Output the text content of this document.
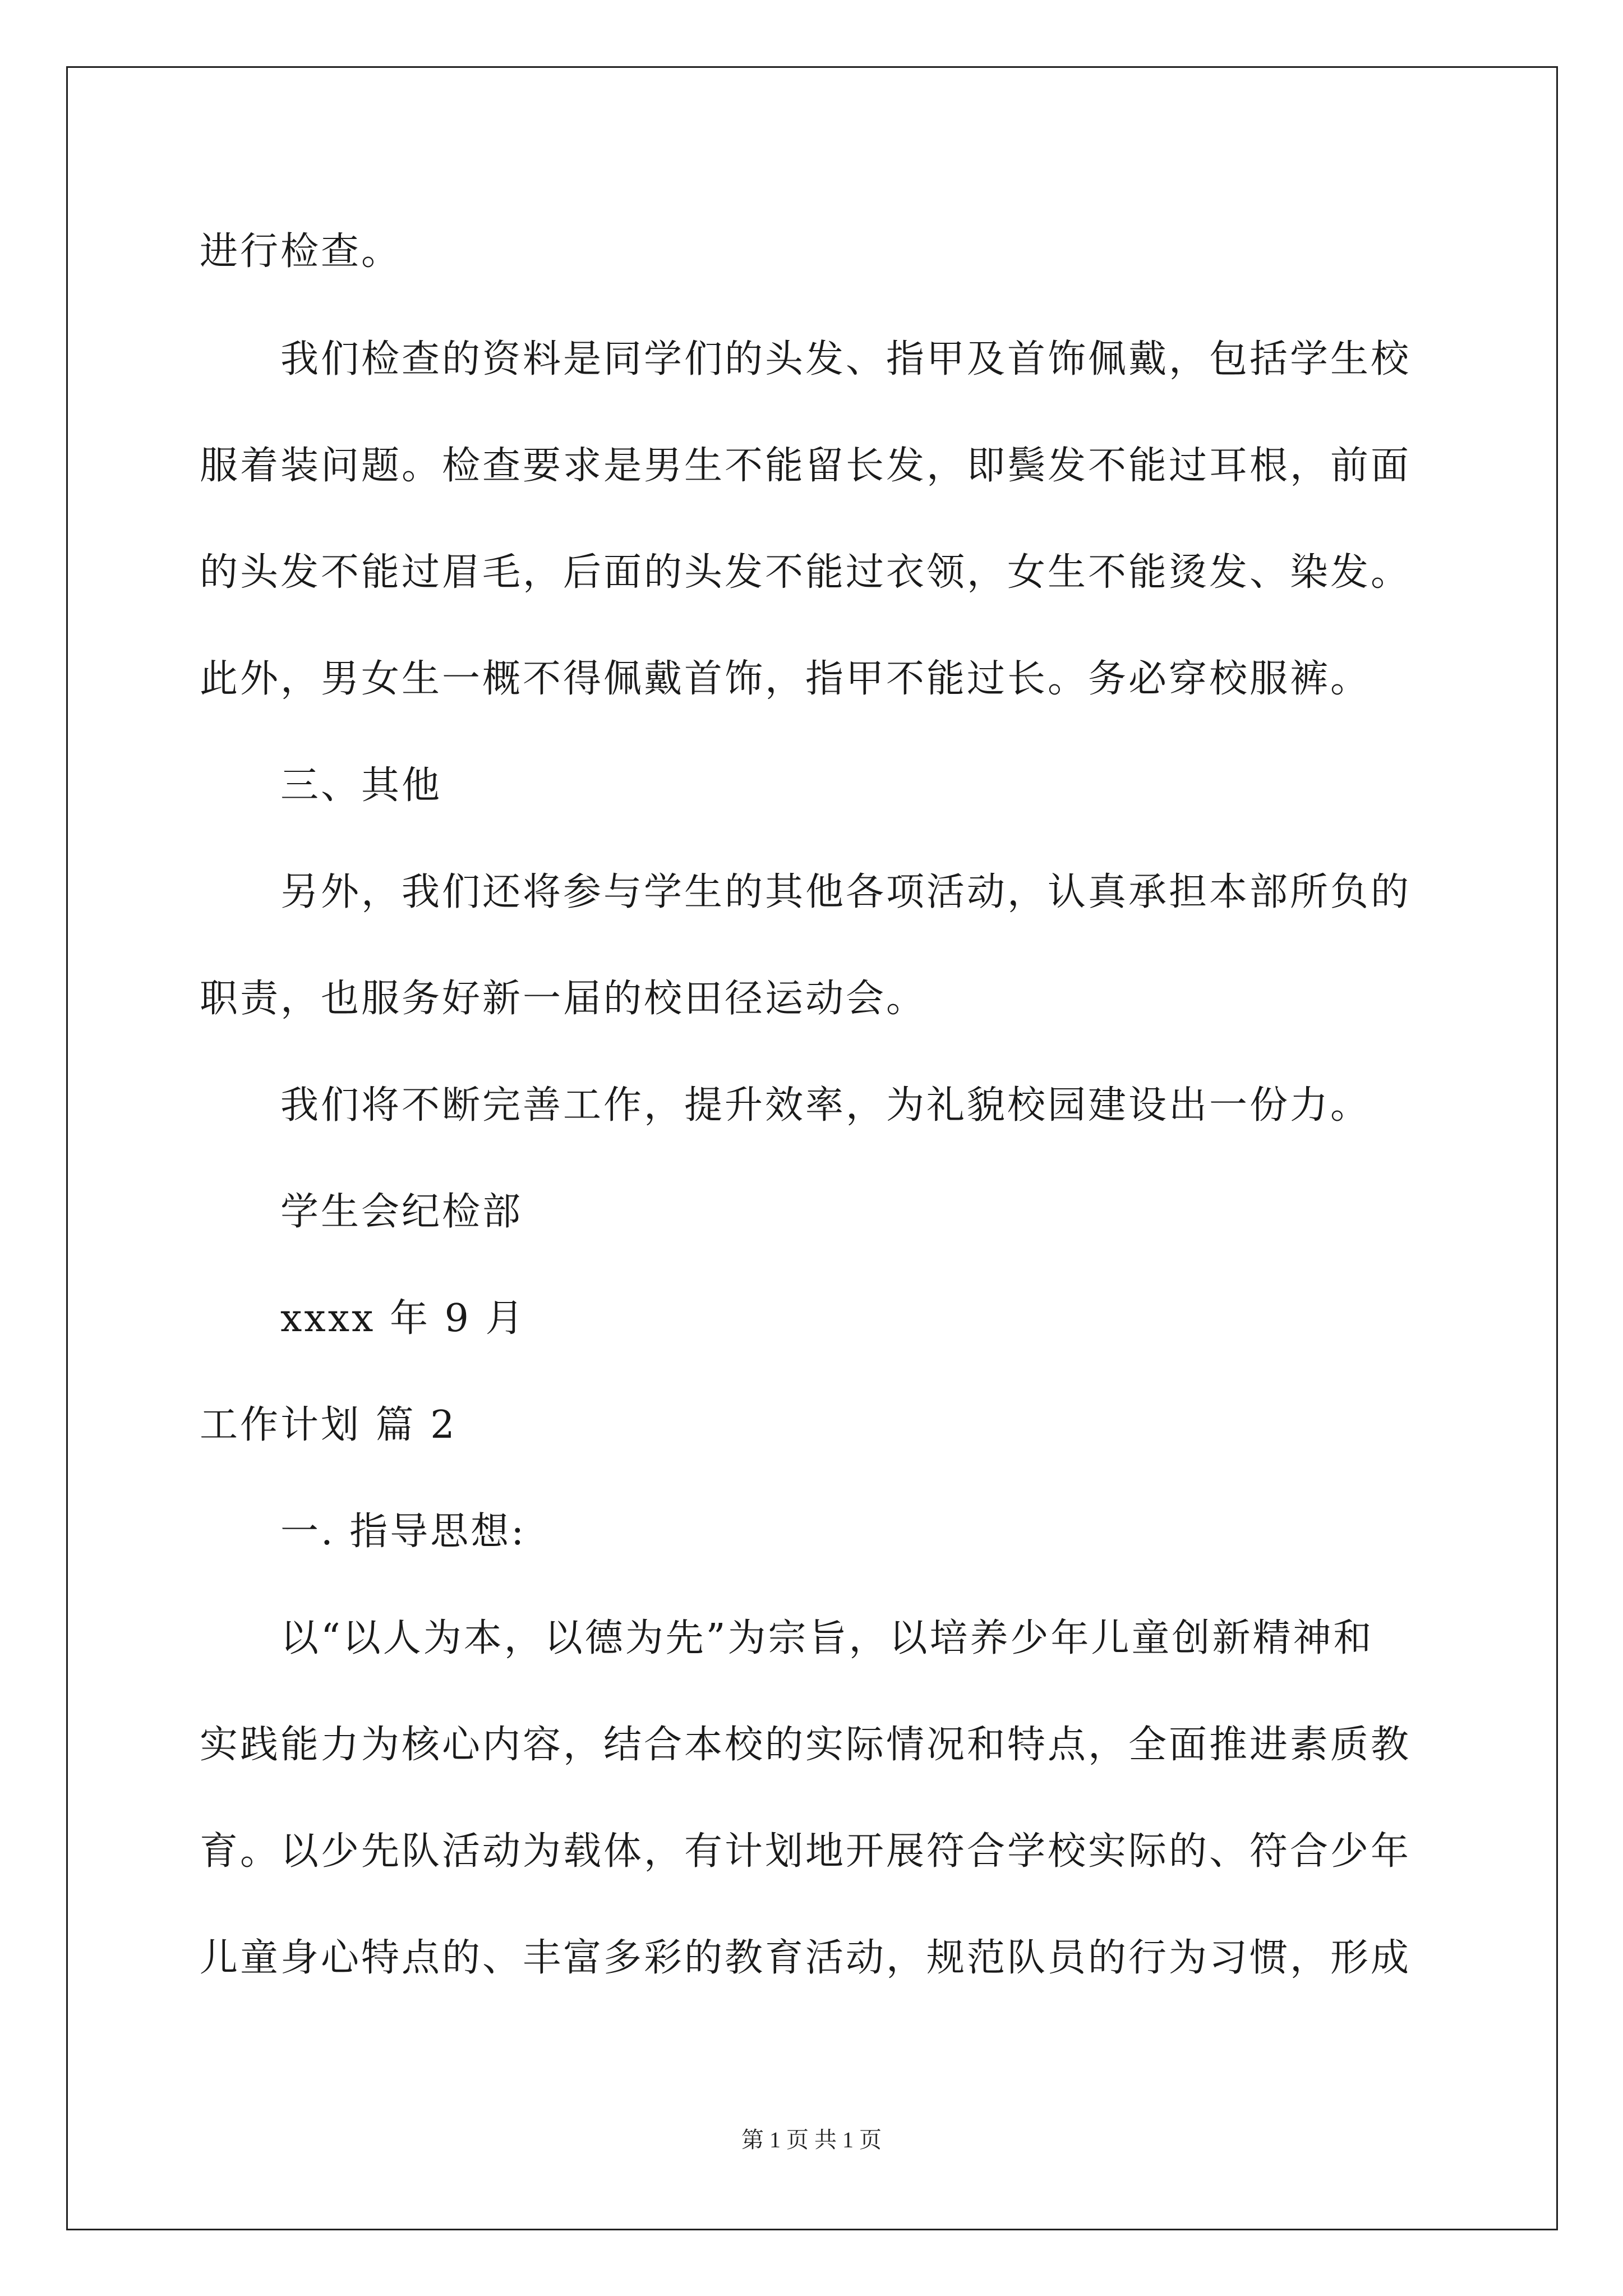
进行检查。
我们检查的资料是同学们的头发、指甲及首饰佩戴，包括学生校
服着装问题。检查要求是男生不能留长发，即鬓发不能过耳根，前面
的头发不能过眉毛，后面的头发不能过衣领，女生不能烫发、染发。
此外，男女生一概不得佩戴首饰，指甲不能过长。务必穿校服裤。
三、其他
另外，我们还将参与学生的其他各项活动，认真承担本部所负的
职责，也服务好新一届的校田径运动会。
我们将不断完善工作，提升效率，为礼貌校园建设出一份力。
学生会纪检部
xxxx 年 9 月
工作计划 篇 2
一. 指导思想:
以“以人为本，以德为先”为宗旨，以培养少年儿童创新精神和
实践能力为核心内容，结合本校的实际情况和特点，全面推进素质教
育。以少先队活动为载体，有计划地开展符合学校实际的、符合少年
儿童身心特点的、丰富多彩的教育活动，规范队员的行为习惯，形成
第 1 页 共 1 页
